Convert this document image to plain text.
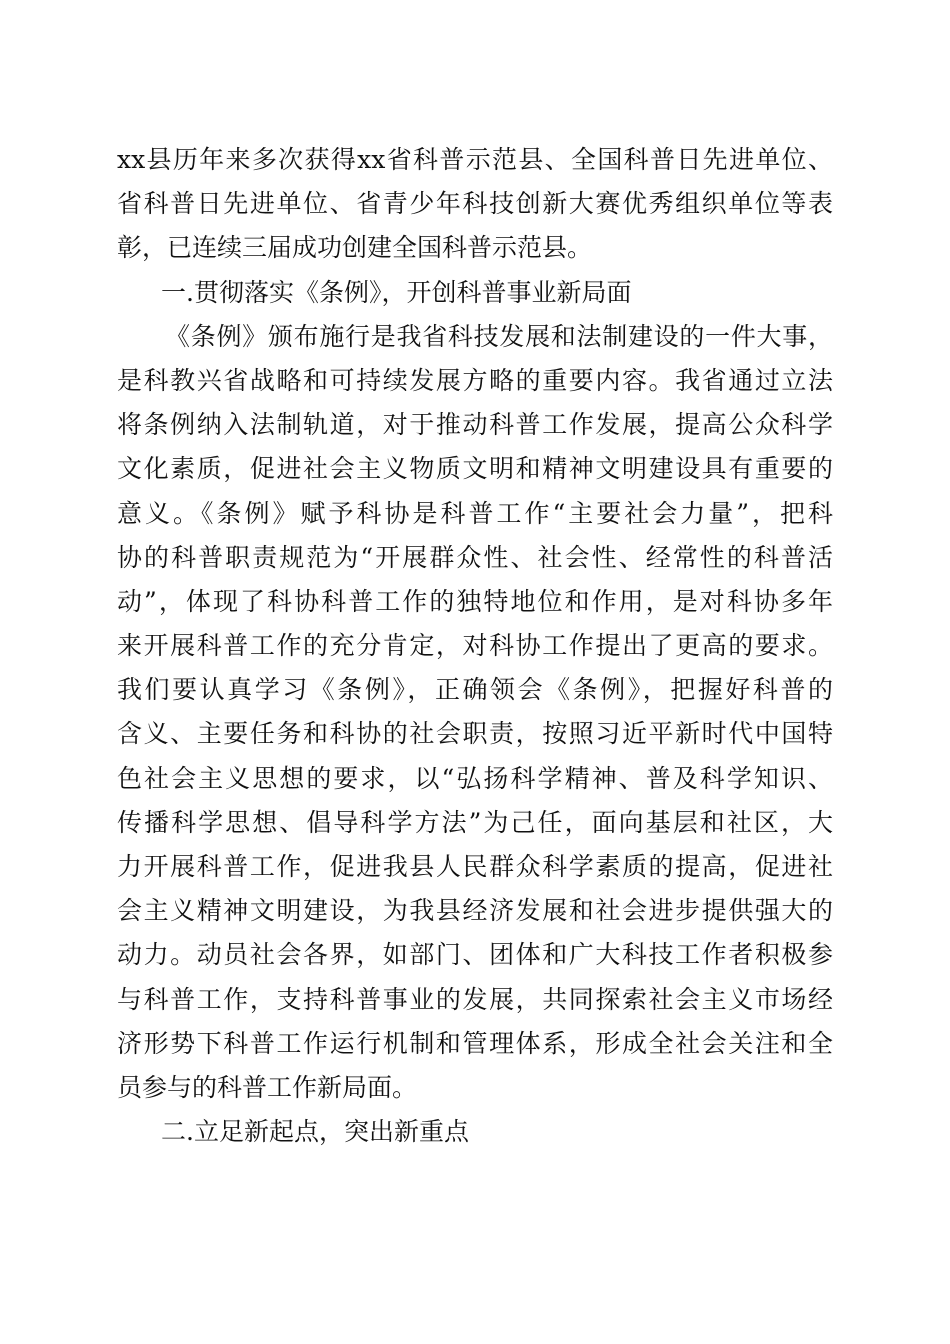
xx县历年来多次获得xx省科普示范县、全国科普日先进单位、
省科普日先进单位、省青少年科技创新大赛优秀组织单位等表
彰，已连续三届成功创建全国科普示范县。
一.贯彻落实《条例》，开创科普事业新局面
《条例》颁布施行是我省科技发展和法制建设的一件大事，
是科教兴省战略和可持续发展方略的重要内容。我省通过立法
将条例纳入法制轨道，对于推动科普工作发展，提高公众科学
文化素质，促进社会主义物质文明和精神文明建设具有重要的
意义。《条例》赋予科协是科普工作“主要社会力量”，把科
协的科普职责规范为“开展群众性、社会性、经常性的科普活
动”，体现了科协科普工作的独特地位和作用，是对科协多年
来开展科普工作的充分肯定，对科协工作提出了更高的要求。
我们要认真学习《条例》，正确领会《条例》，把握好科普的
含义、主要任务和科协的社会职责，按照习近平新时代中国特
色社会主义思想的要求，以“弘扬科学精神、普及科学知识、
传播科学思想、倡导科学方法”为己任，面向基层和社区，大
力开展科普工作，促进我县人民群众科学素质的提高，促进社
会主义精神文明建设，为我县经济发展和社会进步提供强大的
动力。动员社会各界，如部门、团体和广大科技工作者积极参
与科普工作，支持科普事业的发展，共同探索社会主义市场经
济形势下科普工作运行机制和管理体系，形成全社会关注和全
员参与的科普工作新局面。
二.立足新起点，突出新重点
